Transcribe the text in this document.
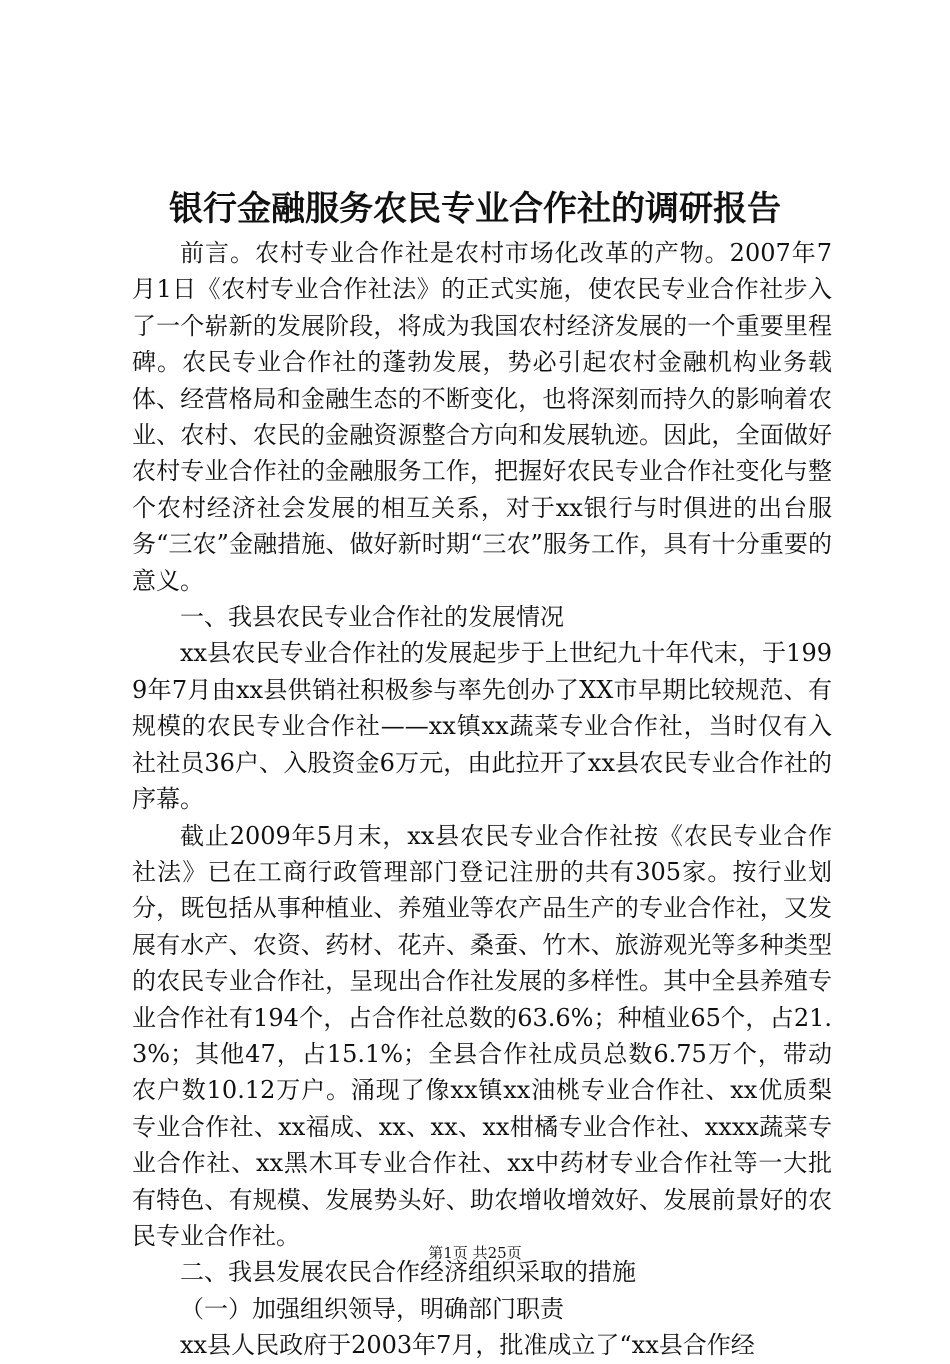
银行金融服务农民专业合作社的调研报告

前言。农村专业合作社是农村市场化改革的产物。2007年7月1日《农村专业合作社法》的正式实施，使农民专业合作社步入了一个崭新的发展阶段，将成为我国农村经济发展的一个重要里程碑。农民专业合作社的蓬勃发展，势必引起农村金融机构业务载体、经营格局和金融生态的不断变化，也将深刻而持久的影响着农业、农村、农民的金融资源整合方向和发展轨迹。因此，全面做好农村专业合作社的金融服务工作，把握好农民专业合作社变化与整个农村经济社会发展的相互关系，对于xx银行与时俱进的出台服务“三农”金融措施、做好新时期“三农”服务工作，具有十分重要的意义。

一、我县农民专业合作社的发展情况

xx县农民专业合作社的发展起步于上世纪九十年代末，于1999年7月由xx县供销社积极参与率先创办了XX市早期比较规范、有规模的农民专业合作社——xx镇xx蔬菜专业合作社，当时仅有入社社员36户、入股资金6万元，由此拉开了xx县农民专业合作社的序幕。

截止2009年5月末，xx县农民专业合作社按《农民专业合作社法》已在工商行政管理部门登记注册的共有305家。按行业划分，既包括从事种植业、养殖业等农产品生产的专业合作社，又发展有水产、农资、药材、花卉、桑蚕、竹木、旅游观光等多种类型的农民专业合作社，呈现出合作社发展的多样性。其中全县养殖专业合作社有194个，占合作社总数的63.6%；种植业65个，占21.3%；其他47，占15.1%；全县合作社成员总数6.75万个，带动农户数10.12万户。涌现了像xx镇xx油桃专业合作社、xx优质梨专业合作社、xx福成、xx、xx、xx柑橘专业合作社、xxxx蔬菜专业合作社、xx黑木耳专业合作社、xx中药材专业合作社等一大批有特色、有规模、发展势头好、助农增收增效好、发展前景好的农民专业合作社。

二、我县发展农民合作经济组织采取的措施

（一）加强组织领导，明确部门职责

xx县人民政府于2003年7月，批准成立了“xx县合作经

第1页 共25页
